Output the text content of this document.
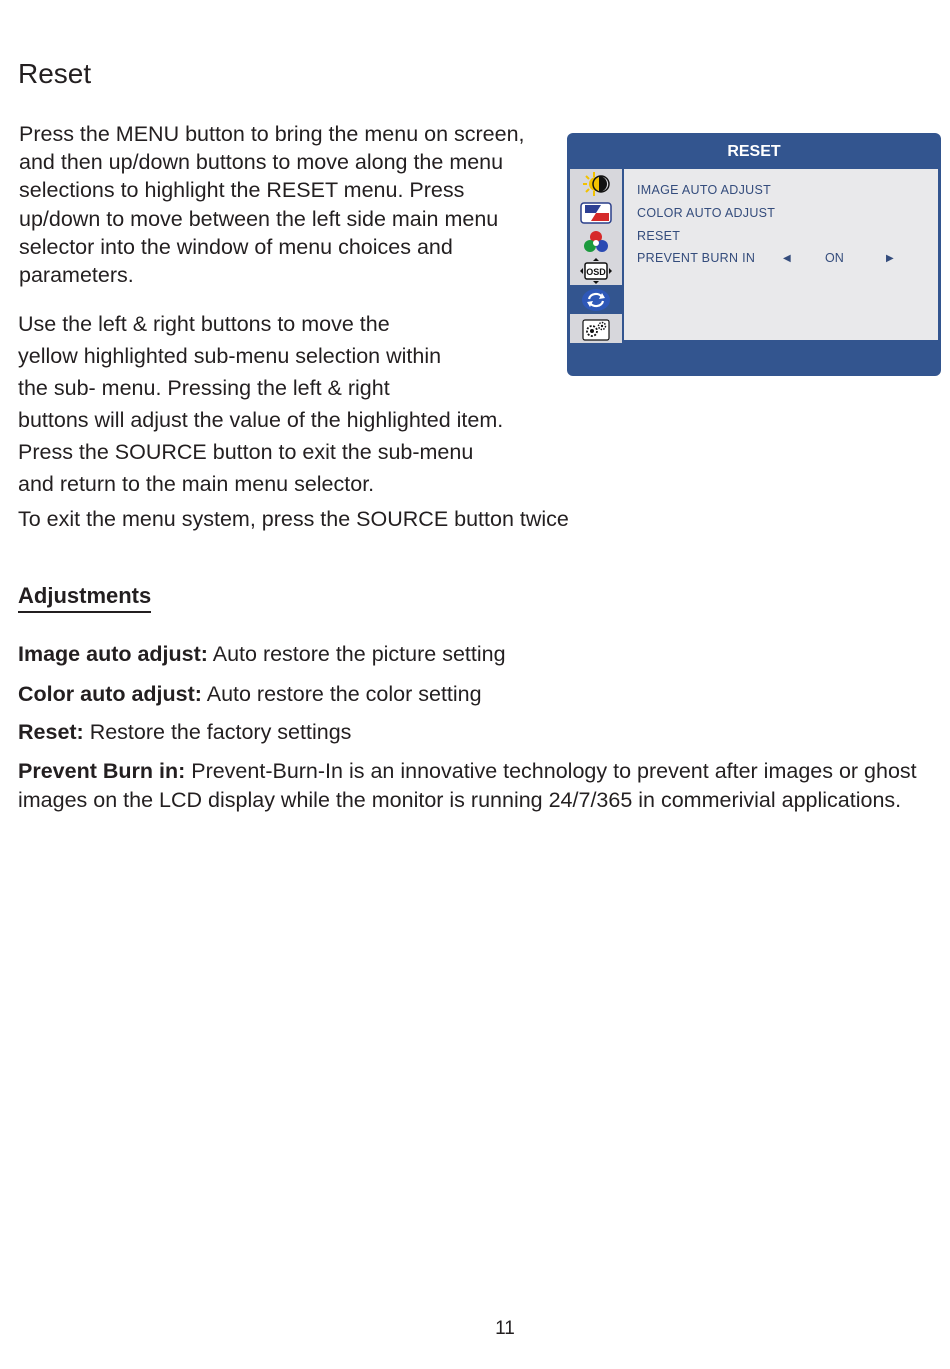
Reset

Press the MENU button to bring the menu on screen, and then up/down buttons to move along the menu selections to highlight the RESET menu. Press up/down to move between the left side main menu selector into the window of menu choices and parameters.

Use the left & right buttons to move the

yellow highlighted sub-menu selection within

the sub- menu. Pressing the left & right

buttons will adjust the value of the highlighted item.

Press the SOURCE button to exit the sub-menu

and return to the main menu selector.

To exit the menu system, press the SOURCE button twice

RESET
OSD
IMAGE AUTO ADJUST
COLOR AUTO ADJUST
RESET
PREVENT BURN IN	◀	ON	▶
Adjustments

Image auto adjust: Auto restore the picture setting

Color auto adjust: Auto restore the color setting

Reset: Restore the factory settings

Prevent Burn in: Prevent-Burn-In is an innovative technology to prevent after images or ghost images on the LCD display while the monitor is running 24/7/365 in commerivial applications.

11
